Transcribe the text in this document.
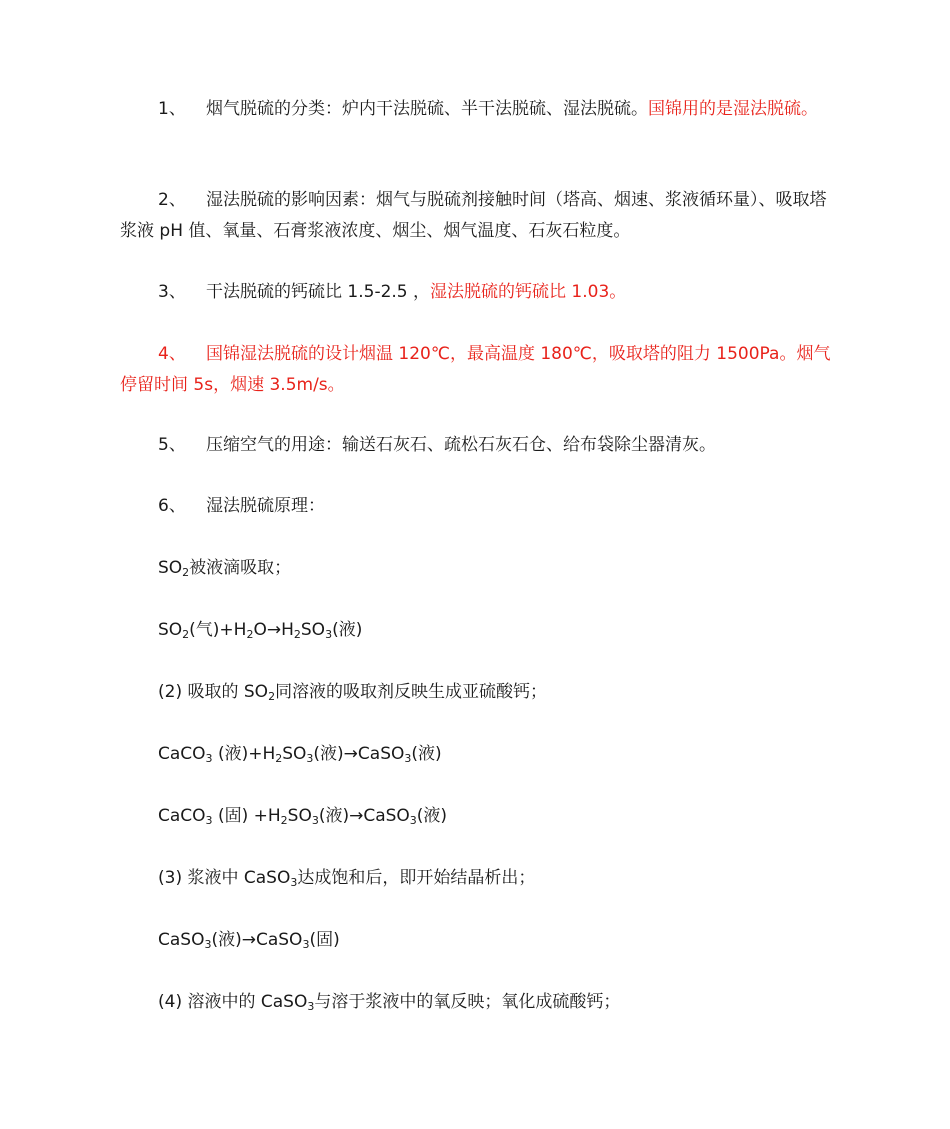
1、 烟气脱硫的分类：炉内干法脱硫、半干法脱硫、湿法脱硫。国锦用的是湿法脱硫。

2、 湿法脱硫的影响因素：烟气与脱硫剂接触时间（塔高、烟速、浆液循环量）、吸取塔浆液 pH 值、氧量、石膏浆液浓度、烟尘、烟气温度、石灰石粒度。

3、 干法脱硫的钙硫比 1.5-2.5 ，湿法脱硫的钙硫比 1.03。

4、 国锦湿法脱硫的设计烟温 120℃，最高温度 180℃，吸取塔的阻力 1500Pa。烟气停留时间 5s，烟速 3.5m/s。

5、 压缩空气的用途：输送石灰石、疏松石灰石仓、给布袋除尘器清灰。

6、 湿法脱硫原理：

$SO_2$被液滴吸取；

$SO_2$(气)$+H_2O\to H_2SO_3$(液)

(2) 吸取的 $SO_2$同溶液的吸取剂反映生成亚硫酸钙；

CaCO$_3$ (液)$+H_2SO_3$(液)→CaSO$_3$(液)

CaCO$_3$ (固) $+H_2SO_3$(液)→CaSO$_3$(液)

(3) 浆液中 CaSO$_3$达成饱和后，即开始结晶析出；

CaSO$_3$(液)→CaSO$_3$(固)

(4) 溶液中的 CaSO$_3$与溶于浆液中的氧反映；氧化成硫酸钙；
